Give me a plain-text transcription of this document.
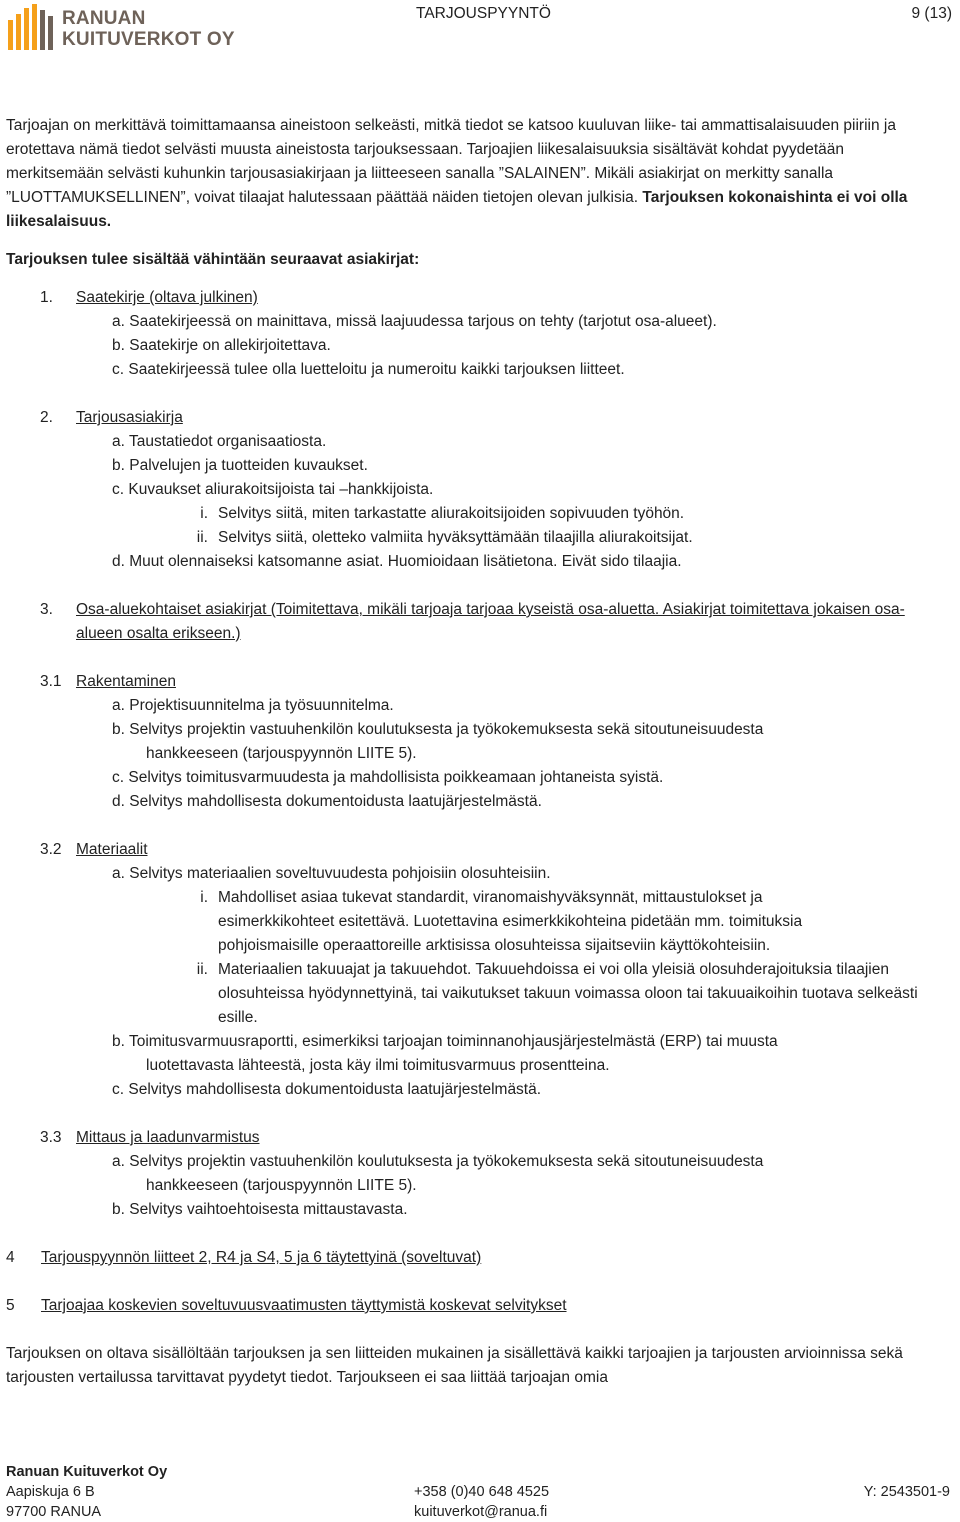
RANUAN
KUITUVERKOT OY
TARJOUSPYYNTÖ	9 (13)

Tarjoajan on merkittävä toimittamaansa aineistoon selkeästi, mitkä tiedot se katsoo kuuluvan liike- tai ammattisalaisuuden piiriin ja erotettava nämä tiedot selvästi muusta aineistosta tarjouksessaan. Tarjoajien liikesalaisuuksia sisältävät kohdat pyydetään merkitsemään selvästi kuhunkin tarjousasiakirjaan ja liitteeseen sanalla ”SALAINEN”. Mikäli asiakirjat on merkitty sanalla ”LUOTTAMUKSELLINEN”, voivat tilaajat halutessaan päättää näiden tietojen olevan julkisia. Tarjouksen kokonaishinta ei voi olla liikesalaisuus.

Tarjouksen tulee sisältää vähintään seuraavat asiakirjat:

1. Saatekirje (oltava julkinen)
a. Saatekirjeessä on mainittava, missä laajuudessa tarjous on tehty (tarjotut osa-alueet).
b. Saatekirje on allekirjoitettava.
c. Saatekirjeessä tulee olla luetteloitu ja numeroitu kaikki tarjouksen liitteet.
2. Tarjousasiakirja
a. Taustatiedot organisaatiosta.
b. Palvelujen ja tuotteiden kuvaukset.
c. Kuvaukset aliurakoitsijoista tai –hankkijoista.
i. Selvitys siitä, miten tarkastatte aliurakoitsijoiden sopivuuden työhön.
ii. Selvitys siitä, oletteko valmiita hyväksyttämään tilaajilla aliurakoitsijat.
d. Muut olennaiseksi katsomanne asiat. Huomioidaan lisätietona. Eivät sido tilaajia.
3. Osa-aluekohtaiset asiakirjat (Toimitettava, mikäli tarjoaja tarjoaa kyseistä osa-aluetta. Asiakirjat toimitettava jokaisen osa-alueen osalta erikseen.)
3.1 Rakentaminen
a. Projektisuunnitelma ja työsuunnitelma.
b. Selvitys projektin vastuuhenkilön koulutuksesta ja työkokemuksesta sekä sitoutuneisuudesta
hankkeeseen (tarjouspyynnön LIITE 5).
c. Selvitys toimitusvarmuudesta ja mahdollisista poikkeamaan johtaneista syistä.
d. Selvitys mahdollisesta dokumentoidusta laatujärjestelmästä.
3.2 Materiaalit
a. Selvitys materiaalien soveltuvuudesta pohjoisiin olosuhteisiin.
i. Mahdolliset asiaa tukevat standardit, viranomaishyväksynnät, mittaustulokset ja esimerkkikohteet esitettävä. Luotettavina esimerkkikohteina pidetään mm. toimituksia pohjoismaisille operaattoreille arktisissa olosuhteissa sijaitseviin käyttökohteisiin.
ii. Materiaalien takuuajat ja takuuehdot. Takuuehdoissa ei voi olla yleisiä olosuhderajoituksia tilaajien olosuhteissa hyödynnettyinä, tai vaikutukset takuun voimassa oloon tai takuuaikoihin tuotava selkeästi esille.
b. Toimitusvarmuusraportti, esimerkiksi tarjoajan toiminnanohjausjärjestelmästä (ERP) tai muusta
luotettavasta lähteestä, josta käy ilmi toimitusvarmuus prosentteina.
c. Selvitys mahdollisesta dokumentoidusta laatujärjestelmästä.
3.3 Mittaus ja laadunvarmistus
a. Selvitys projektin vastuuhenkilön koulutuksesta ja työkokemuksesta sekä sitoutuneisuudesta
hankkeeseen (tarjouspyynnön LIITE 5).
b. Selvitys vaihtoehtoisesta mittaustavasta.
4 Tarjouspyynnön liitteet 2, R4 ja S4, 5 ja 6 täytettyinä (soveltuvat)
5 Tarjoajaa koskevien soveltuvuusvaatimusten täyttymistä koskevat selvitykset

Tarjouksen on oltava sisällöltään tarjouksen ja sen liitteiden mukainen ja sisällettävä kaikki tarjoajien ja tarjousten arvioinnissa sekä tarjousten vertailussa tarvittavat pyydetyt tiedot. Tarjoukseen ei saa liittää tarjoajan omia

Ranuan Kuituverkot Oy
Aapiskuja 6 B
97700 RANUA
+358 (0)40 648 4525
kuituverkot@ranua.fi
Y: 2543501-9
